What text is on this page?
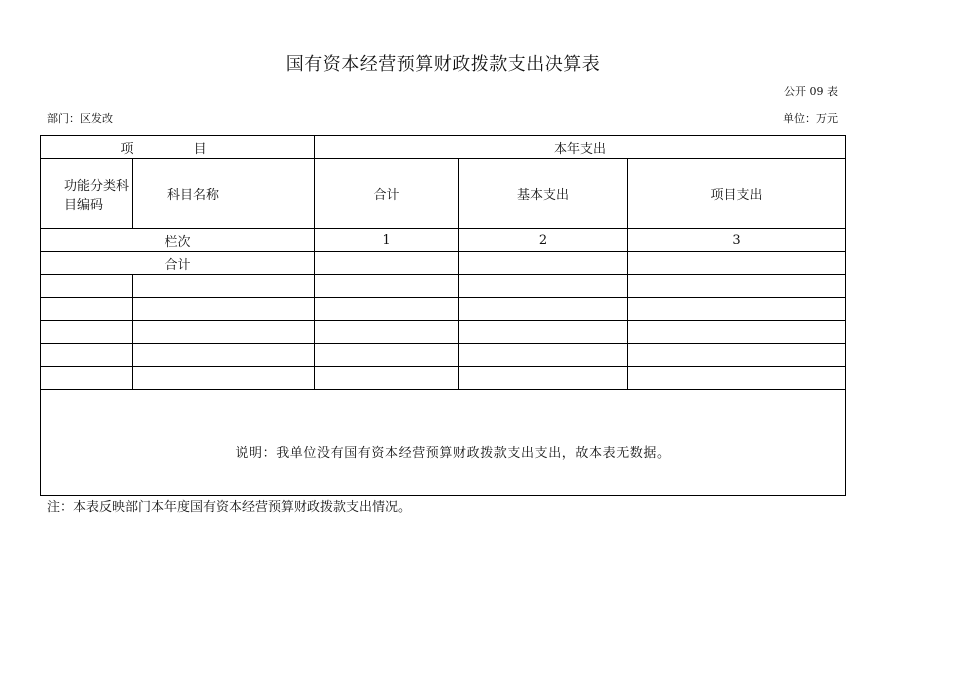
国有资本经营预算财政拨款支出决算表
公开 09 表
部门：区发改	单位：万元
项 目		本年支出		
功能分类科目编码	科目名称	合计	基本支出	项目支出
栏次		1	2	3
合计				

说明：我单位没有国有资本经营预算财政拨款支出支出，故本表无数据。				
注：本表反映部门本年度国有资本经营预算财政拨款支出情况。
